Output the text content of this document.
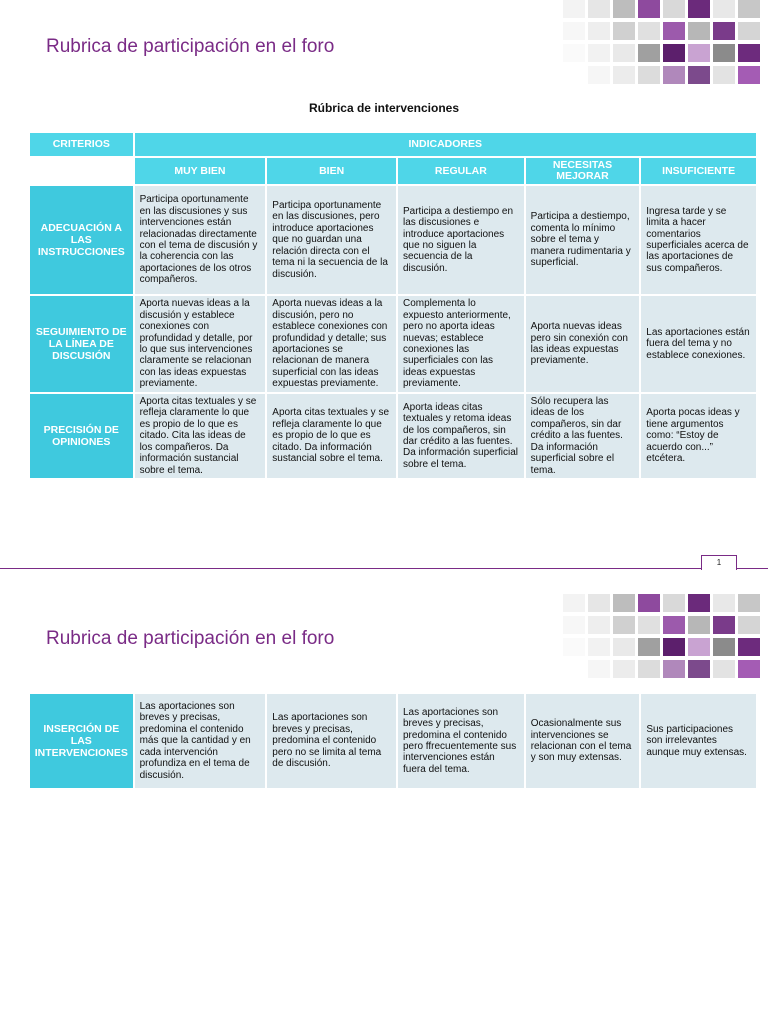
Rubrica de participación en el foro
Rúbrica de intervenciones
CRITERIOS	INDICADORES				
	MUY BIEN	BIEN	REGULAR	NECESITAS MEJORAR	INSUFICIENTE
ADECUACIÓN A LAS INSTRUCCIONES	Participa oportunamente en las discusiones y sus intervenciones están relacionadas directamente con el tema de discusión y la coherencia con las aportaciones de los otros compañeros.	Participa oportunamente en las discusiones, pero introduce aportaciones que no guardan una relación directa con el tema ni la secuencia de la discusión.	Participa a destiempo en las discusiones e introduce aportaciones que no siguen la secuencia de la discusión.	Participa a destiempo, comenta lo mínimo sobre el tema y manera rudimentaria y superficial.	Ingresa tarde y se limita a hacer comentarios superficiales acerca de las aportaciones de sus compañeros.
SEGUIMIENTO DE LA LÍNEA DE DISCUSIÓN	Aporta nuevas ideas a la discusión y establece conexiones con profundidad y detalle, por lo que sus intervenciones claramente se relacionan con las ideas expuestas previamente.	Aporta nuevas ideas a la discusión, pero no establece conexiones con profundidad y detalle; sus aportaciones se relacionan de manera superficial con las ideas expuestas previamente.	Complementa lo expuesto anteriormente, pero no aporta ideas nuevas; establece conexiones las superficiales con las ideas expuestas previamente.	Aporta nuevas ideas pero sin conexión con las ideas expuestas previamente.	Las aportaciones están fuera del tema y no establece conexiones.
PRECISIÓN DE OPINIONES	Aporta citas textuales y se refleja claramente lo que es propio de lo que es citado. Cita las ideas de los compañeros. Da información sustancial sobre el tema.	Aporta citas textuales y se refleja claramente lo que es propio de lo que es citado. Da información sustancial sobre el tema.	Aporta ideas citas textuales y retoma ideas de los compañeros, sin dar crédito a las fuentes. Da información superficial sobre el tema.	Sólo recupera las ideas de los compañeros, sin dar crédito a las fuentes. Da información superficial sobre el tema.	Aporta pocas ideas y tiene argumentos como: “Estoy de acuerdo con...” etcétera.
1
Rubrica de participación en el foro
INSERCIÓN DE LAS INTERVENCIONES	Las aportaciones son breves y precisas, predomina el contenido más que la cantidad y en cada intervención profundiza en el tema de discusión.	Las aportaciones son breves y precisas, predomina el contenido pero no se limita al tema de discusión.	Las aportaciones son breves y precisas, predomina el contenido pero ffrecuentemente sus intervenciones están fuera del tema.	Ocasionalmente sus intervenciones se relacionan con el tema y son muy extensas.	Sus participaciones son irrelevantes aunque muy extensas.
